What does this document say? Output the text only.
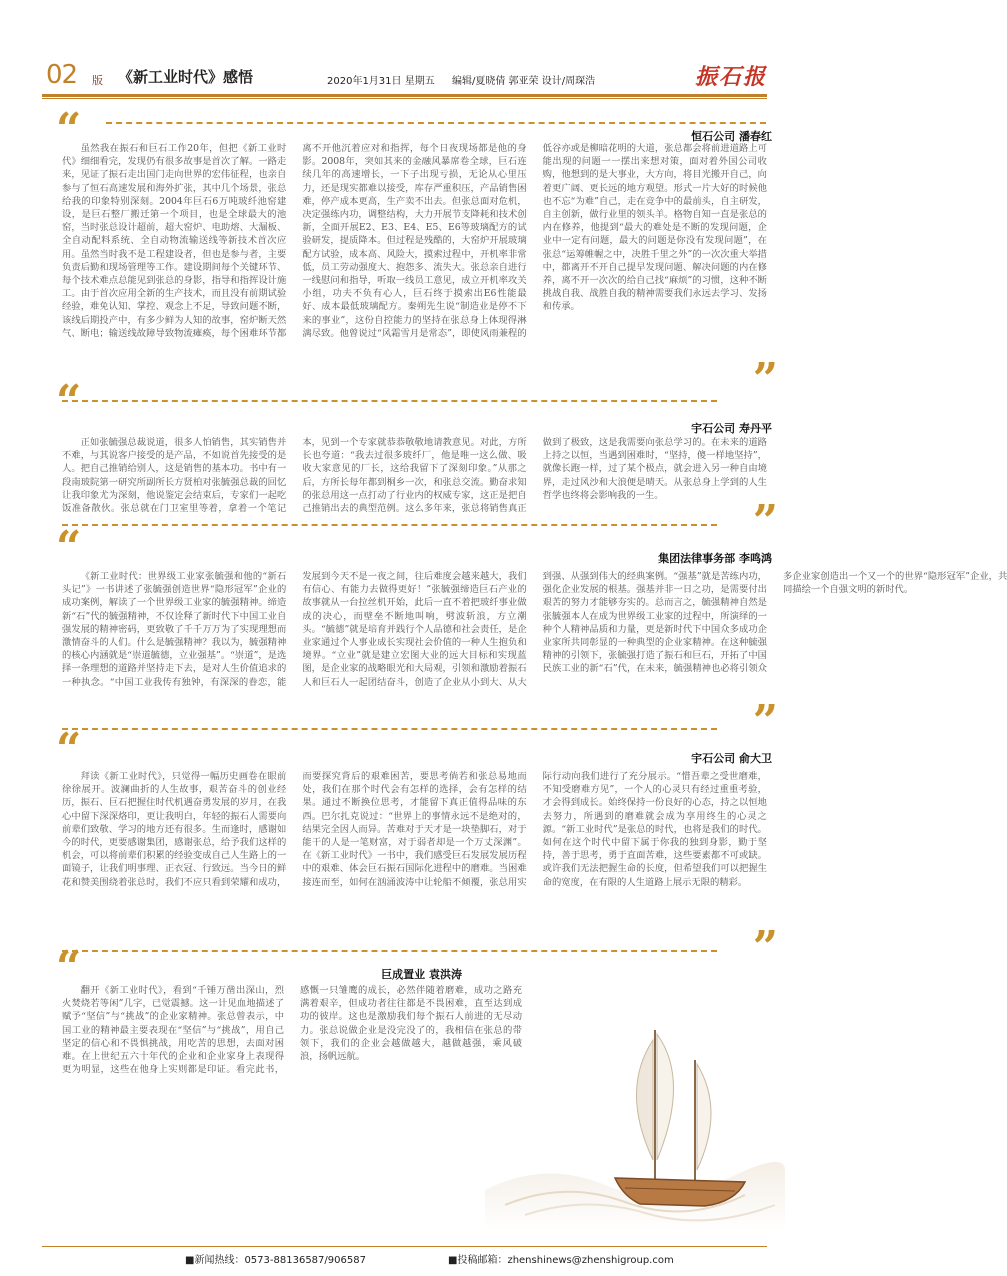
02 版 《新工业时代》感悟	2020年1月31日 星期五 编辑/夏晓倩 郭亚荣 设计/周琛浩	振石报
“	恒石公司 潘春红

虽然我在振石和巨石工作20年，但把《新工业时代》细细看完，发现仍有很多故事是首次了解。一路走来，见证了振石走出国门走向世界的宏伟征程，也亲自参与了恒石高速发展和海外扩张，其中几个场景，张总给我的印象特别深刻。2004年巨石6万吨玻纤池窑建设，是巨石整厂搬迁第一个项目，也是全球最大的池窑，当时张总设计超前，超大窑炉、电助熔、大漏板、全自动配料系统、全自动物流输送线等新技术首次应用。虽然当时我不是工程建设者，但也是参与者，主要负责后勤和现场管理等工作。建设期间每个关键环节、每个技术难点总能见到张总的身影，指导和指挥设计施工。由于首次应用全新的生产技术，而且没有前期试验经验，难免认知、掌控、观念上不足，导致问题不断，该线后期投产中，有多少鲜为人知的故事，窑炉断天然气、断电；输送线故障导致物流瘫痪，每个困难环节都离不开他沉着应对和指挥，每个日夜现场都是他的身影。2008年，突如其来的金融风暴席卷全球，巨石连续几年的高速增长，一下子出现亏损，无论从心里压力，还是现实都难以接受，库存严重积压，产品销售困难，停产成本更高，生产卖不出去。但张总面对危机，决定强练内功，调整结构，大力开展节支降耗和技术创新，全面开展E2、E3、E4、E5、E6等玻璃配方的试验研发，提质降本。但过程是残酷的，大窑炉开展玻璃配方试验，成本高、风险大，摸索过程中，开机率非常低，员工劳动强度大、抱怨多、流失大。张总亲自进行一线慰问和指导，听取一线员工意见，成立开机率攻关小组，功夫不负有心人，巨石终于摸索出E6性能最好、成本最低玻璃配方。秦朔先生说“制造业是停不下来的事业”，这份自控能力的坚持在张总身上体现得淋漓尽致。他曾说过“风霜雪月是常态”，即使风雨兼程的低谷亦或是柳暗花明的大道，张总都会将前进道路上可能出现的问题一一摆出来想对策，面对着外国公司收购，他想到的是大事业，大方向，将目光搬开自己，向着更广阔、更长远的地方观望。形式一片大好的时候他也不忘“为难”自己，走在竞争中的最前头，自主研发，自主创新，做行业里的领头羊。格物自知一直是张总的内在修养，他提到“最大的难处是不断的发现问题，企业中一定有问题，最大的问题是你没有发现问题”，在张总“运筹帷幄之中，决胜千里之外”的一次次重大举措中，都离开不开自己提早发现问题、解决问题的内在修养，离不开一次次的给自己找“麻烦”的习惯，这种不断挑战自我、战胜自我的精神需要我们永远去学习、发扬和传承。

”
“
宇石公司 寿丹平

正如张毓强总裁说道，很多人怕销售，其实销售并不难，与其说客户接受的是产品，不如说首先接受的是人。把自己推销给别人，这是销售的基本功。书中有一段南玻院第一研究所副所长方贤柏对张毓强总裁的回忆让我印象尤为深刻，他说鉴定会结束后，专家们一起吃饭准备散伙。张总就在门卫室里等着，拿着一个笔记本，见到一个专家就恭恭敬敬地请教意见。对此，方所长也夸道：“我去过很多玻纤厂，他是唯一这么做、吸收大家意见的厂长，这给我留下了深刻印象。”从那之后，方所长每年都到桐乡一次，和张总交流。勤奋求知的张总用这一点打动了行业内的权威专家，这正是把自己推销出去的典型范例。这么多年来，张总将销售真正做到了极致，这是我需要向张总学习的。在未来的道路上持之以恒，当遇到困难时，“坚持，傻一样地坚持”，就像长跑一样，过了某个极点，就会进入另一种自由境界，走过风沙和大浪便是晴天。从张总身上学到的人生哲学也终将会影响我的一生。

”
“	集团法律事务部 李鸣鸿

《新工业时代：世界级工业家张毓强和他的“新石头记”》一书讲述了张毓强创造世界“隐形冠军”企业的成功案例，解读了一个世界级工业家的毓强精神。缔造新“石”代的毓强精神，不仅诠释了新时代下中国工业自强发展的精神密码，更致敬了千千万万为了实现理想而激情奋斗的人们。什么是毓强精神？我以为，毓强精神的核心内涵就是“崇道毓德，立业强基”。“崇道”，是选择一条理想的道路并坚持走下去，是对人生价值追求的一种执念。“中国工业我传有独钟，有深深的眷恋，能发展到今天不是一夜之间，往后难度会越来越大，我们有信心、有能力去做得更好！”张毓强缔造巨石产业的故事就从一台拉丝机开始，此后一直不着把玻纤事业做成的决心，而壁垒不断地叫响，劈波斩浪，方立潮头。“毓德”就是培育并践行个人品德和社会责任，是企业家通过个人事业成长实现社会价值的一种人生抱负和境界。“立业”就是建立宏图大业的远大目标和实现蓝图，是企业家的战略眼光和大局观，引领和激励着振石人和巨石人一起团结奋斗，创造了企业从小到大、从大到强、从强到伟大的经典案例。“强基”就是苦练内功，强化企业发展的根基。强基并非一日之功，是需要付出艰苦的努力才能够夯实的。总而言之，毓强精神自然是张毓强本人在成为世界级工业家的过程中，所演绎的一种个人精神品质和力量，更是新时代下中国众多成功企业家所共同彰显的一种典型的企业家精神。在这种毓强精神的引领下，张毓强打造了振石和巨石，开拓了中国民族工业的新“石”代，在未来，毓强精神也必将引领众多企业家创造出一个又一个的世界“隐形冠军”企业，共同描绘一个自强文明的新时代。

”
“	宇石公司 俞大卫

拜读《新工业时代》，只觉得一幅历史画卷在眼前徐徐展开。波澜曲折的人生故事，艰苦奋斗的创业经历，振石、巨石把握住时代机遇奋勇发展的岁月，在我心中留下深深烙印，更让我明白，年轻的振石人需要向前辈们致敬、学习的地方还有很多。生而逢时，感谢如今的时代，更要感谢集团，感谢张总，给予我们这样的机会，可以将前辈们积累的经验变成自己人生路上的一面镜子，让我们明事理、正衣冠、行致远。当今日的鲜花和赞美围绕着张总时，我们不应只看到荣耀和成功，而要探究背后的艰难困苦，要思考倘若和张总易地而处，我们在那个时代会有怎样的选择，会有怎样的结果。通过不断换位思考，才能留下真正值得品味的东西。巴尔扎克说过：“世界上的事情永远不是绝对的，结果完全因人而异。苦难对于天才是一块垫脚石，对于能干的人是一笔财富，对于弱者却是一个万丈深渊”。在《新工业时代》一书中，我们感受巨石发展发展历程中的艰难、体会巨石振石国际化进程中的磨难。当困难接连而至，如何在汹涌波涛中让轮船不倾覆，张总用实际行动向我们进行了充分展示。“惜吾辈之受世磨难，不知受磨难方见”，一个人的心灵只有经过重重考验，才会得到成长。始终保持一份良好的心态，持之以恒地去努力，所遇到的磨难就会成为享用终生的心灵之源。“新工业时代”是张总的时代，也将是我们的时代。如何在这个时代中留下属于你我的独到身影，勤于坚持，善于思考，勇于直面苦难，这些要素都不可或缺。或许我们无法把握生命的长度，但希望我们可以把握生命的宽度，在有限的人生道路上展示无限的精彩。

”
“	巨成置业 袁洪涛

翻开《新工业时代》，看到“千锤万凿出深山，烈火焚烧若等闲”几字，已觉震撼。这一计见血地描述了赋予“坚信”与“挑战”的企业家精神。张总曾表示，中国工业的精神最主要表现在“坚信”与“挑战”，用自己坚定的信心和不畏惧挑战，用吃苦的思想，去面对困难。在上世纪五六十年代的企业和企业家身上表现得更为明显，这些在他身上实则都是印证。看完此书，感慨一只雏鹰的成长，必然伴随着磨难，成功之路充满着艰辛，但成功者往往都是不畏困难，直至达到成功的彼岸。这也是激励我们每个振石人前进的无尽动力。张总说做企业是没完没了的，我相信在张总的带领下，我们的企业会越做越大，越做越强，乘风破浪，扬帆远航。

■新闻热线：0573-88136587/906587	■投稿邮箱：zhenshinews@zhenshigroup.com
